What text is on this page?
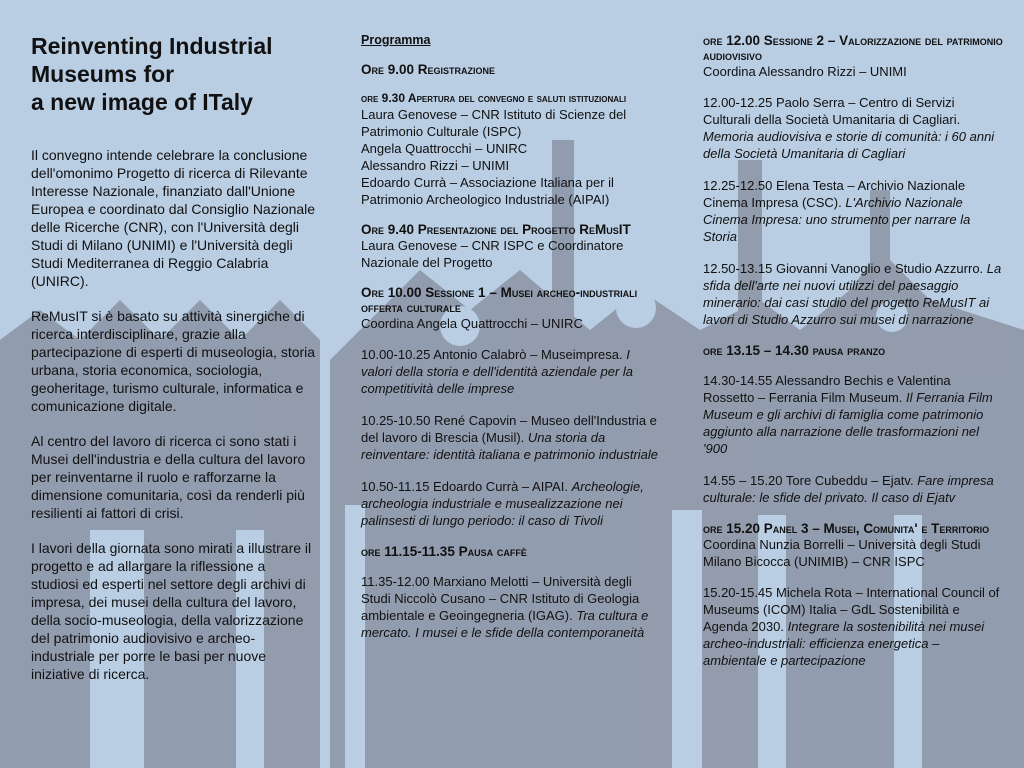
Reinventing Industrial
Museums for
a new image of ITaly

Il convegno intende celebrare la conclusione dell'omonimo Progetto di ricerca di Rilevante Interesse Nazionale, finanziato dall'Unione Europea e coordinato dal Consiglio Nazionale delle Ricerche (CNR), con l'Università degli Studi di Milano (UNIMI) e l'Università degli Studi Mediterranea di Reggio Calabria (UNIRC).

ReMusIT si è basato su attività sinergiche di ricerca interdisciplinare, grazie alla partecipazione di esperti di museologia, storia urbana, storia economica, sociologia, geoheritage, turismo culturale, informatica e comunicazione digitale.

Al centro del lavoro di ricerca ci sono stati i Musei dell'industria e della cultura del lavoro per reinventarne il ruolo e rafforzarne la dimensione comunitaria, così da renderli più resilienti ai fattori di crisi.

I lavori della giornata sono mirati a illustrare il progetto e ad allargare la riflessione a studiosi ed esperti nel settore degli archivi di impresa, dei musei della cultura del lavoro, della socio-museologia, della valorizzazione del patrimonio audiovisivo e archeo-industriale per porre le basi per nuove iniziative di ricerca.

Programma

Ore 9.00 Registrazione

ore 9.30 Apertura del convegno e saluti istituzionali

Laura Genovese – CNR Istituto di Scienze del Patrimonio Culturale (ISPC)
Angela Quattrocchi – UNIRC
Alessandro Rizzi – UNIMI
Edoardo Currà – Associazione Italiana per il Patrimonio Archeologico Industriale (AIPAI)

Ore 9.40 Presentazione del Progetto ReMusIT

Laura Genovese – CNR ISPC e Coordinatore Nazionale del Progetto

Ore 10.00 Sessione 1 – Musei archeo-industriali offerta culturale

Coordina Angela Quattrocchi – UNIRC

10.00-10.25 Antonio Calabrò – Museimpresa. I valori della storia e dell'identità aziendale per la competitività delle imprese

10.25-10.50 René Capovin – Museo dell'Industria e del lavoro di Brescia (Musil). Una storia da reinventare: identità italiana e patrimonio industriale

10.50-11.15 Edoardo Currà – AIPAI. Archeologie, archeologia industriale e musealizzazione nei palinsesti di lungo periodo: il caso di Tivoli

ore 11.15-11.35 Pausa caffè

11.35-12.00 Marxiano Melotti – Università degli Studi Niccolò Cusano – CNR Istituto di Geologia ambientale e Geoingegneria (IGAG). Tra cultura e mercato. I musei e le sfide della contemporaneità

ore 12.00 Sessione 2 – Valorizzazione del patrimonio audiovisivo

Coordina Alessandro Rizzi – UNIMI

12.00-12.25 Paolo Serra – Centro di Servizi Culturali della Società Umanitaria di Cagliari. Memoria audiovisiva e storie di comunità: i 60 anni della Società Umanitaria di Cagliari

12.25-12.50 Elena Testa – Archivio Nazionale Cinema Impresa (CSC). L'Archivio Nazionale Cinema Impresa: uno strumento per narrare la Storia

12.50-13.15 Giovanni Vanoglio e Studio Azzurro. La sfida dell'arte nei nuovi utilizzi del paesaggio minerario: dai casi studio del progetto ReMusIT ai lavori di Studio Azzurro sui musei di narrazione

ore 13.15 – 14.30 pausa pranzo

14.30-14.55 Alessandro Bechis e Valentina Rossetto – Ferrania Film Museum. Il Ferrania Film Museum e gli archivi di famiglia come patrimonio aggiunto alla narrazione delle trasformazioni nel '900

14.55 – 15.20 Tore Cubeddu – Ejatv. Fare impresa culturale: le sfide del privato. Il caso di Ejatv

ore 15.20 Panel 3 – Musei, Comunita' e Territorio

Coordina Nunzia Borrelli – Università degli Studi Milano Bicocca (UNIMIB) – CNR ISPC

15.20-15.45 Michela Rota – International Council of Museums (ICOM) Italia – GdL Sostenibilità e Agenda 2030. Integrare la sostenibilità nei musei archeo-industriali: efficienza energetica – ambientale e partecipazione
